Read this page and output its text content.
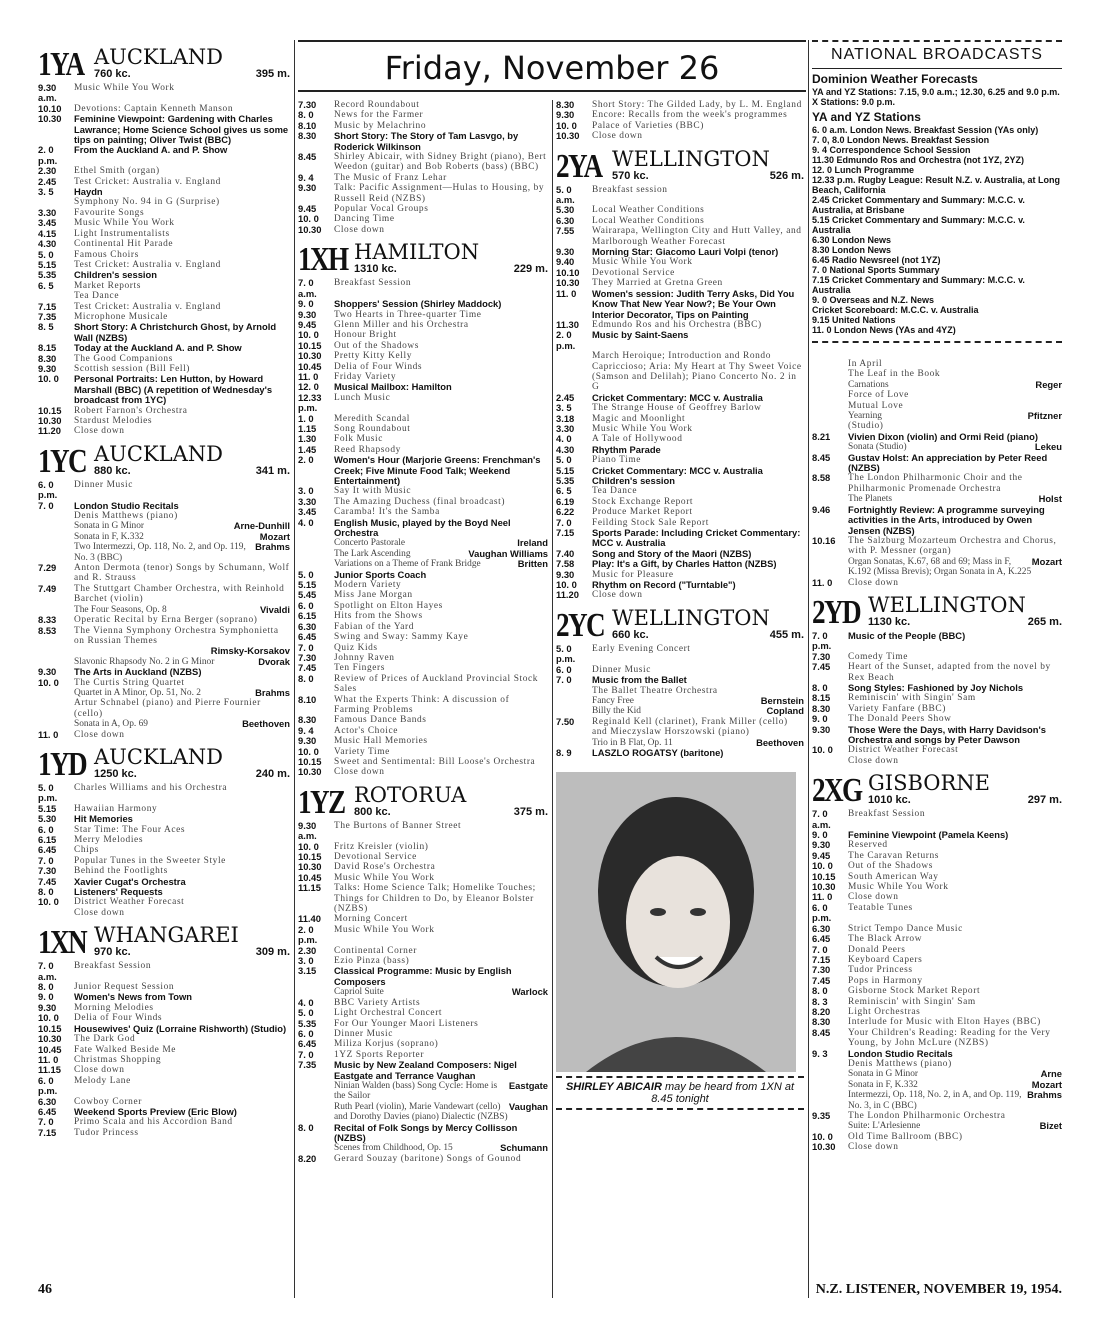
1YA AUCKLAND
760 kc.	395 m.
9.30 a.m.
Music While You Work
10.10	Devotions: Captain Kenneth Manson
10.30	Feminine Viewpoint: Gardening with Charles Lawrance; Home Science School gives us some tips on painting; Oliver Twist (BBC)
2. 0 p.m.
From the Auckland A. and P. Show
2.30	Ethel Smith (organ)
2.45	Test Cricket: Australia v. England
3. 5	Haydn
Symphony No. 94 in G (Surprise)
3.30	Favourite Songs
3.45	Music While You Work
4.15	Light Instrumentalists
4.30	Continental Hit Parade
5. 0	Famous Choirs
5.15	Test Cricket: Australia v. England
5.35	Children's session
6. 5	Market Reports
Tea Dance
7.15	Test Cricket: Australia v. England
7.35	Microphone Musicale
8. 5	Short Story: A Christchurch Ghost, by Arnold Wall (NZBS)
8.15	Today at the Auckland A. and P. Show
8.30	The Good Companions
9.30	Scottish session (Bill Fell)
10. 0	Personal Portraits: Len Hutton, by Howard Marshall (BBC) (A repetition of Wednesday's broadcast from 1YC)
10.15	Robert Farnon's Orchestra
10.30	Stardust Melodies
11.20	Close down
1YC AUCKLAND
880 kc.	341 m.
6. 0 p.m.
Dinner Music
7. 0	London Studio Recitals
Denis Matthews (piano)
Sonata in G Minor	Arne-Dunhill
Sonata in F, K.332	Mozart
Two Intermezzi, Op. 118, No. 2, and Op. 119, No. 3 (BBC)
Brahms
7.29	Anton Dermota (tenor) Songs by Schumann, Wolf and R. Strauss
7.49	The Stuttgart Chamber Orchestra, with Reinhold Barchet (violin)
The Four Seasons, Op. 8	Vivaldi
8.33	Operatic Recital by Erna Berger (soprano)
8.53	The Vienna Symphony Orchestra Symphonietta on Russian Themes
Rimsky-Korsakov
Slavonic Rhapsody No. 2 in G Minor	Dvorak
9.30	The Arts in Auckland (NZBS)
10. 0	The Curtis String Quartet
Quartet in A Minor, Op. 51, No. 2	Brahms
Artur Schnabel (piano) and Pierre Fournier (cello)
Sonata in A, Op. 69	Beethoven
11. 0	Close down
1YD AUCKLAND
1250 kc.	240 m.
5. 0 p.m.
Charles Williams and his Orchestra
5.15	Hawaiian Harmony
5.30	Hit Memories
6. 0	Star Time: The Four Aces
6.15	Merry Melodies
6.45	Chips
7. 0	Popular Tunes in the Sweeter Style
7.30	Behind the Footlights
7.45	Xavier Cugat's Orchestra
8. 0	Listeners' Requests
10. 0	District Weather Forecast
Close down
1XN WHANGAREI
970 kc.	309 m.
7. 0 a.m.
Breakfast Session
8. 0	Junior Request Session
9. 0	Women's News from Town
9.30	Morning Melodies
10. 0	Delia of Four Winds
10.15	Housewives' Quiz (Lorraine Rishworth) (Studio)
10.30	The Dark God
10.45	Fate Walked Beside Me
11. 0	Christmas Shopping
11.15	Close down
6. 0 p.m.
Melody Lane
6.30	Cowboy Corner
6.45	Weekend Sports Preview (Eric Blow)
7. 0	Primo Scala and his Accordion Band
7.15	Tudor Princess
Friday, November 26
7.30	Record Roundabout
8. 0	News for the Farmer
8.10	Music by Melachrino
8.30	Short Story: The Story of Tam Lasvgo, by Roderick Wilkinson
8.45	Shirley Abicair, with Sidney Bright (piano), Bert Weedon (guitar) and Bob Roberts (bass) (BBC)
9. 4	The Music of Franz Lehar
9.30	Talk: Pacific Assignment—Hulas to Housing, by Russell Reid (NZBS)
9.45	Popular Vocal Groups
10. 0	Dancing Time
10.30	Close down
1XH HAMILTON
1310 kc.	229 m.
7. 0 a.m.
Breakfast Session
9. 0	Shoppers' Session (Shirley Maddock)
9.30	Two Hearts in Three-quarter Time
9.45	Glenn Miller and his Orchestra
10. 0	Honour Bright
10.15	Out of the Shadows
10.30	Pretty Kitty Kelly
10.45	Delia of Four Winds
11. 0	Friday Variety
12. 0	Musical Mailbox: Hamilton
12.33 p.m.
Lunch Music
1. 0	Meredith Scandal
1.15	Song Roundabout
1.30	Folk Music
1.45	Reed Rhapsody
2. 0	Women's Hour (Marjorie Greens: Frenchman's Creek; Five Minute Food Talk; Weekend Entertainment)
3. 0	Say It with Music
3.30	The Amazing Duchess (final broadcast)
3.45	Caramba! It's the Samba
4. 0	English Music, played by the Boyd Neel Orchestra
Concerto Pastorale	Ireland
The Lark Ascending	Vaughan Williams
Variations on a Theme of Frank Bridge	Britten
5. 0	Junior Sports Coach
5.15	Modern Variety
5.45	Miss Jane Morgan
6. 0	Spotlight on Elton Hayes
6.15	Hits from the Shows
6.30	Fabian of the Yard
6.45	Swing and Sway: Sammy Kaye
7. 0	Quiz Kids
7.30	Johnny Raven
7.45	Ten Fingers
8. 0	Review of Prices of Auckland Provincial Stock Sales
8.10	What the Experts Think: A discussion of Farming Problems
8.30	Famous Dance Bands
9. 4	Actor's Choice
9.30	Music Hall Memories
10. 0	Variety Time
10.15	Sweet and Sentimental: Bill Loose's Orchestra
10.30	Close down
1YZ ROTORUA
800 kc.	375 m.
9.30 a.m.
The Burtons of Banner Street
10. 0	Fritz Kreisler (violin)
10.15	Devotional Service
10.30	David Rose's Orchestra
10.45	Music While You Work
11.15	Talks: Home Science Talk; Homelike Touches; Things for Children to Do, by Eleanor Bolster (NZBS)
11.40	Morning Concert
2. 0 p.m.
Music While You Work
2.30	Continental Corner
3. 0	Ezio Pinza (bass)
3.15	Classical Programme: Music by English Composers
Capriol Suite	Warlock
4. 0	BBC Variety Artists
5. 0	Light Orchestral Concert
5.35	For Our Younger Maori Listeners
6. 0	Dinner Music
6.45	Miliza Korjus (soprano)
7. 0	1YZ Sports Reporter
7.35	Music by New Zealand Composers: Nigel Eastgate and Terrance Vaughan
Ninian Walden (bass) Song Cycle: Home is the Sailor
Eastgate
Ruth Pearl (violin), Marie Vandewart (cello) and Dorothy Davies (piano) Dialectic (NZBS)
Vaughan
8. 0	Recital of Folk Songs by Mercy Collisson (NZBS)
Scenes from Childhood, Op. 15	Schumann
8.20	Gerard Souzay (baritone) Songs of Gounod
8.30	Short Story: The Gilded Lady, by L. M. England
9.30	Encore: Recalls from the week's programmes
10. 0	Palace of Varieties (BBC)
10.30	Close down
2YA WELLINGTON
570 kc.	526 m.
5. 0 a.m.
Breakfast session
5.30	Local Weather Conditions
6.30	Local Weather Conditions
7.55	Wairarapa, Wellington City and Hutt Valley, and Marlborough Weather Forecast
9.30	Morning Star: Giacomo Lauri Volpi (tenor)
9.40	Music While You Work
10.10	Devotional Service
10.30	They Married at Gretna Green
11. 0	Women's session: Judith Terry Asks, Did You Know That New Year Now?; Be Your Own Interior Decorator, Tips on Painting
11.30	Edmundo Ros and his Orchestra (BBC)
2. 0 p.m.
Music by Saint-Saens
March Heroique; Introduction and Rondo Capriccioso; Aria: My Heart at Thy Sweet Voice (Samson and Delilah); Piano Concerto No. 2 in G
2.45	Cricket Commentary: MCC v. Australia
3. 5	The Strange House of Geoffrey Barlow
3.18	Magic and Moonlight
3.30	Music While You Work
4. 0	A Tale of Hollywood
4.30	Rhythm Parade
5. 0	Piano Time
5.15	Cricket Commentary: MCC v. Australia
5.35	Children's session
6. 5	Tea Dance
6.19	Stock Exchange Report
6.22	Produce Market Report
7. 0	Feilding Stock Sale Report
7.15	Sports Parade: Including Cricket Commentary: MCC v. Australia
7.40	Song and Story of the Maori (NZBS)
7.58	Play: It's a Gift, by Charles Hatton (NZBS)
9.30	Music for Pleasure
10. 0	Rhythm on Record ("Turntable")
11.20	Close down
2YC WELLINGTON
660 kc.	455 m.
5. 0 p.m.
Early Evening Concert
6. 0	Dinner Music
7. 0	Music from the Ballet
The Ballet Theatre Orchestra
Fancy Free	Bernstein
Billy the Kid	Copland
7.50	Reginald Kell (clarinet), Frank Miller (cello) and Mieczyslaw Horszowski (piano)
Trio in B Flat, Op. 11	Beethoven
8. 9	LASZLO ROGATSY (baritone)
SHIRLEY ABICAIR may be heard from 1XN at 8.45 tonight
NATIONAL BROADCASTS
Dominion Weather Forecasts
YA and YZ Stations: 7.15, 9.0 a.m.; 12.30, 6.25 and 9.0 p.m.
X Stations: 9.0 p.m.
YA and YZ Stations
6. 0 a.m. London News. Breakfast Session (YAs only)
7. 0, 8.0 London News. Breakfast Session
9. 4 Correspondence School Session
11.30 Edmundo Ros and Orchestra (not 1YZ, 2YZ)
12. 0 Lunch Programme
12.33 p.m. Rugby League: Result N.Z. v. Australia, at Long Beach, California
2.45 Cricket Commentary and Summary: M.C.C. v. Australia, at Brisbane
5.15 Cricket Commentary and Summary: M.C.C. v. Australia
6.30 London News
8.30 London News
6.45 Radio Newsreel (not 1YZ)
7. 0 National Sports Summary
7.15 Cricket Commentary and Summary: M.C.C. v. Australia
9. 0 Overseas and N.Z. News
Cricket Scoreboard: M.C.C. v. Australia
9.15 United Nations
11. 0 London News (YAs and 4YZ)
In April
The Leaf in the Book
Carnations	Reger
Force of Love
Mutual Love
Yearning	Pfitzner
(Studio)
8.21	Vivien Dixon (violin) and Ormi Reid (piano)
Sonata (Studio)	Lekeu
8.45	Gustav Holst: An appreciation by Peter Reed (NZBS)
8.58	The London Philharmonic Choir and the Philharmonic Promenade Orchestra
The Planets	Holst
9.46	Fortnightly Review: A programme surveying activities in the Arts, introduced by Owen Jensen (NZBS)
10.16	The Salzburg Mozarteum Orchestra and Chorus, with P. Messner (organ)
Organ Sonatas, K.67, 68 and 69; Mass in F, K.192 (Missa Brevis); Organ Sonata in A, K.225
Mozart
11. 0	Close down
2YD WELLINGTON
1130 kc.	265 m.
7. 0 p.m.
Music of the People (BBC)
7.30	Comedy Time
7.45	Heart of the Sunset, adapted from the novel by Rex Beach
8. 0	Song Styles: Fashioned by Joy Nichols
8.15	Reminiscin' with Singin' Sam
8.30	Variety Fanfare (BBC)
9. 0	The Donald Peers Show
9.30	Those Were the Days, with Harry Davidson's Orchestra and songs by Peter Dawson
10. 0	District Weather Forecast
Close down
2XG GISBORNE
1010 kc.	297 m.
7. 0 a.m.
Breakfast Session
9. 0	Feminine Viewpoint (Pamela Keens)
9.30	Reserved
9.45	The Caravan Returns
10. 0	Out of the Shadows
10.15	South American Way
10.30	Music While You Work
11. 0	Close down
6. 0 p.m.
Teatable Tunes
6.30	Strict Tempo Dance Music
6.45	The Black Arrow
7. 0	Donald Peers
7.15	Keyboard Capers
7.30	Tudor Princess
7.45	Pops in Harmony
8. 0	Gisborne Stock Market Report
8. 3	Reminiscin' with Singin' Sam
8.20	Light Orchestras
8.30	Interlude for Music with Elton Hayes (BBC)
8.45	Your Children's Reading: Reading for the Very Young, by John McLure (NZBS)
9. 3	London Studio Recitals
Denis Matthews (piano)
Sonata in G Minor	Arne
Sonata in F, K.332	Mozart
Intermezzi, Op. 118, No. 2, in A, and Op. 119, No. 3, in C (BBC)
Brahms
9.35	The London Philharmonic Orchestra
Suite: L'Arlesienne	Bizet
10. 0	Old Time Ballroom (BBC)
10.30	Close down
46	N.Z. LISTENER, NOVEMBER 19, 1954.
